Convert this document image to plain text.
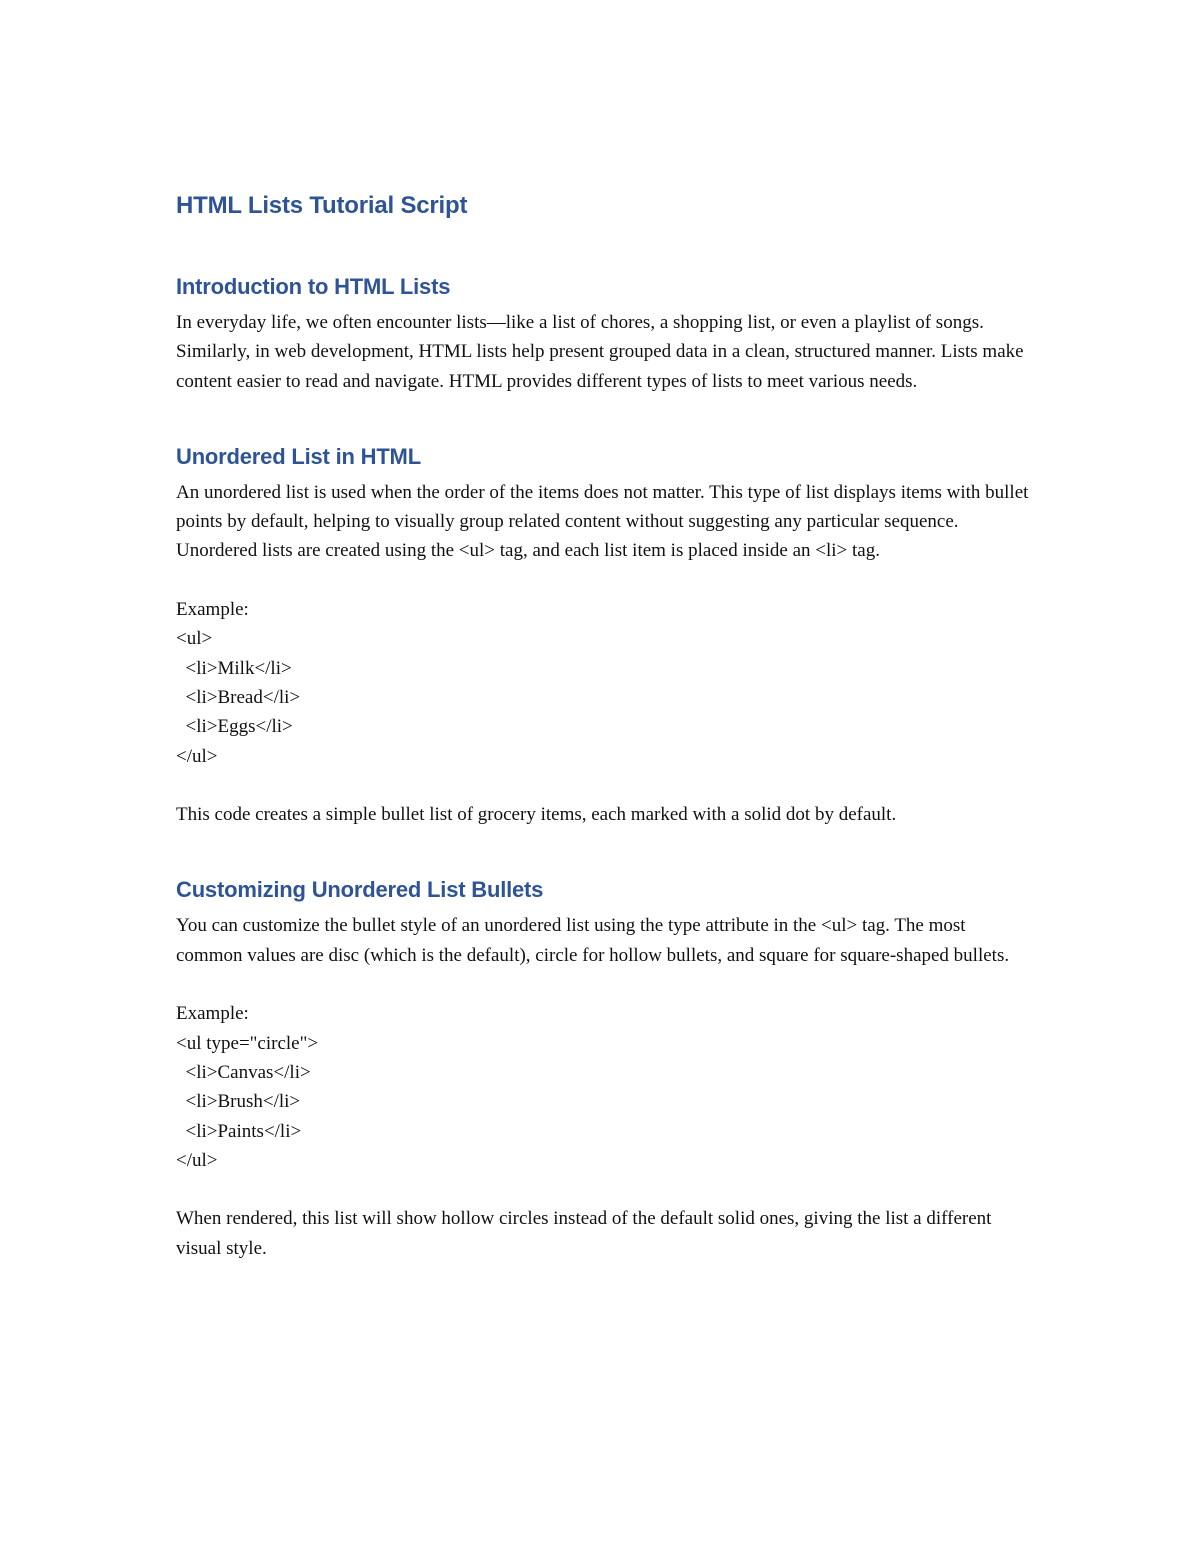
HTML Lists Tutorial Script
Introduction to HTML Lists

In everyday life, we often encounter lists—like a list of chores, a shopping list, or even a playlist of songs. Similarly, in web development, HTML lists help present grouped data in a clean, structured manner. Lists make content easier to read and navigate. HTML provides different types of lists to meet various needs.

Unordered List in HTML

An unordered list is used when the order of the items does not matter. This type of list displays items with bullet points by default, helping to visually group related content without suggesting any particular sequence. Unordered lists are created using the <ul> tag, and each list item is placed inside an <li> tag.

Example:

<ul>

<li>Milk</li>

<li>Bread</li>

<li>Eggs</li>

</ul>

This code creates a simple bullet list of grocery items, each marked with a solid dot by default.

Customizing Unordered List Bullets

You can customize the bullet style of an unordered list using the type attribute in the <ul> tag. The most common values are disc (which is the default), circle for hollow bullets, and square for square-shaped bullets.

Example:

<ul type="circle">

<li>Canvas</li>

<li>Brush</li>

<li>Paints</li>

</ul>

When rendered, this list will show hollow circles instead of the default solid ones, giving the list a different visual style.
